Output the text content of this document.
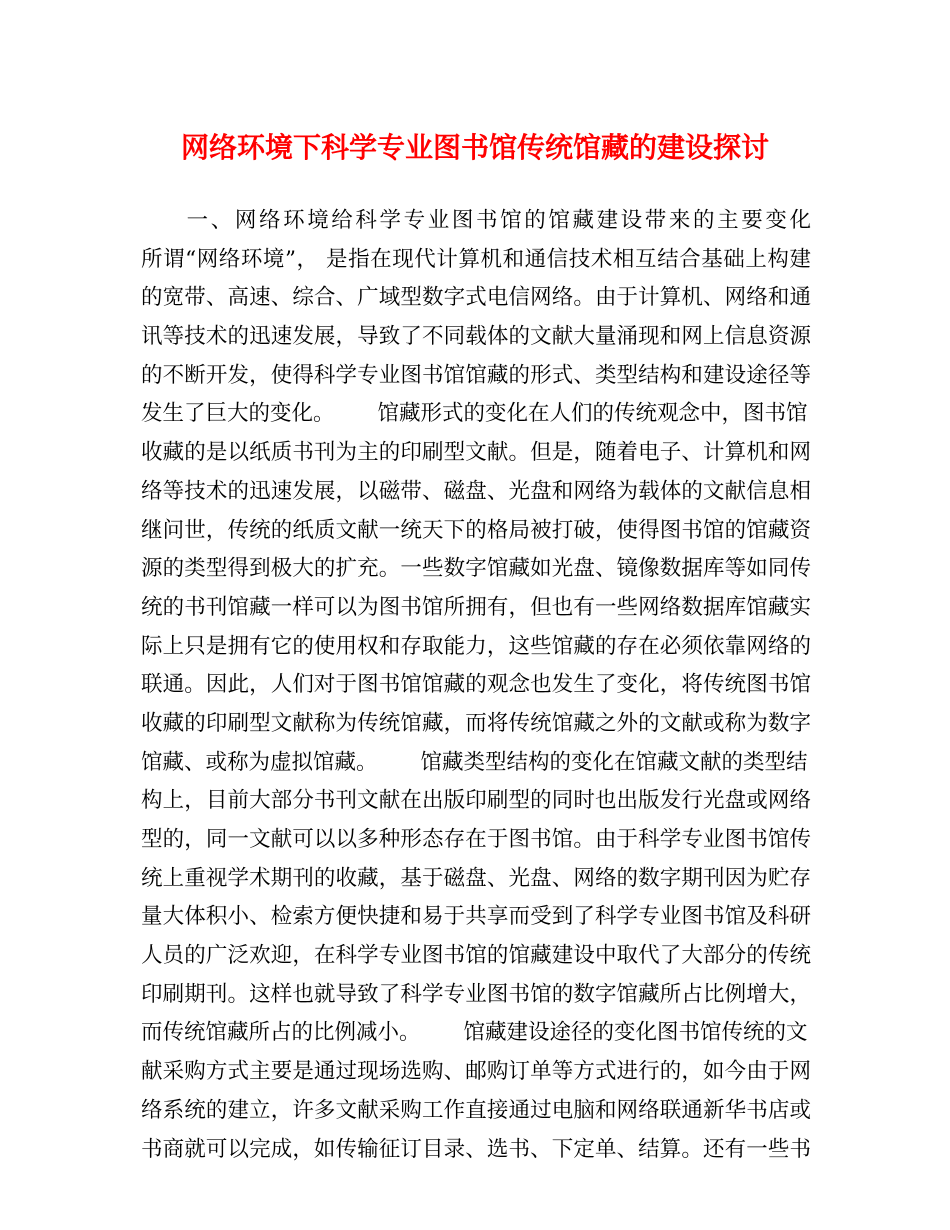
网络环境下科学专业图书馆传统馆藏的建设探讨
一、网络环境给科学专业图书馆的馆藏建设带来的主要变化
所谓“网络环境”， 是指在现代计算机和通信技术相互结合基础上构建
的宽带、高速、综合、广域型数字式电信网络。由于计算机、网络和通
讯等技术的迅速发展，导致了不同载体的文献大量涌现和网上信息资源
的不断开发，使得科学专业图书馆馆藏的形式、类型结构和建设途径等
发生了巨大的变化。 馆藏形式的变化在人们的传统观念中，图书馆
收藏的是以纸质书刊为主的印刷型文献。但是，随着电子、计算机和网
络等技术的迅速发展，以磁带、磁盘、光盘和网络为载体的文献信息相
继问世，传统的纸质文献一统天下的格局被打破，使得图书馆的馆藏资
源的类型得到极大的扩充。一些数字馆藏如光盘、镜像数据库等如同传
统的书刊馆藏一样可以为图书馆所拥有，但也有一些网络数据库馆藏实
际上只是拥有它的使用权和存取能力，这些馆藏的存在必须依靠网络的
联通。因此，人们对于图书馆馆藏的观念也发生了变化，将传统图书馆
收藏的印刷型文献称为传统馆藏，而将传统馆藏之外的文献或称为数字
馆藏、或称为虚拟馆藏。 馆藏类型结构的变化在馆藏文献的类型结
构上，目前大部分书刊文献在出版印刷型的同时也出版发行光盘或网络
型的，同一文献可以以多种形态存在于图书馆。由于科学专业图书馆传
统上重视学术期刊的收藏，基于磁盘、光盘、网络的数字期刊因为贮存
量大体积小、检索方便快捷和易于共享而受到了科学专业图书馆及科研
人员的广泛欢迎，在科学专业图书馆的馆藏建设中取代了大部分的传统
印刷期刊。这样也就导致了科学专业图书馆的数字馆藏所占比例增大，
而传统馆藏所占的比例减小。 馆藏建设途径的变化图书馆传统的文
献采购方式主要是通过现场选购、邮购订单等方式进行的，如今由于网
络系统的建立，许多文献采购工作直接通过电脑和网络联通新华书店或
书商就可以完成，如传输征订目录、选书、下定单、结算。还有一些书
